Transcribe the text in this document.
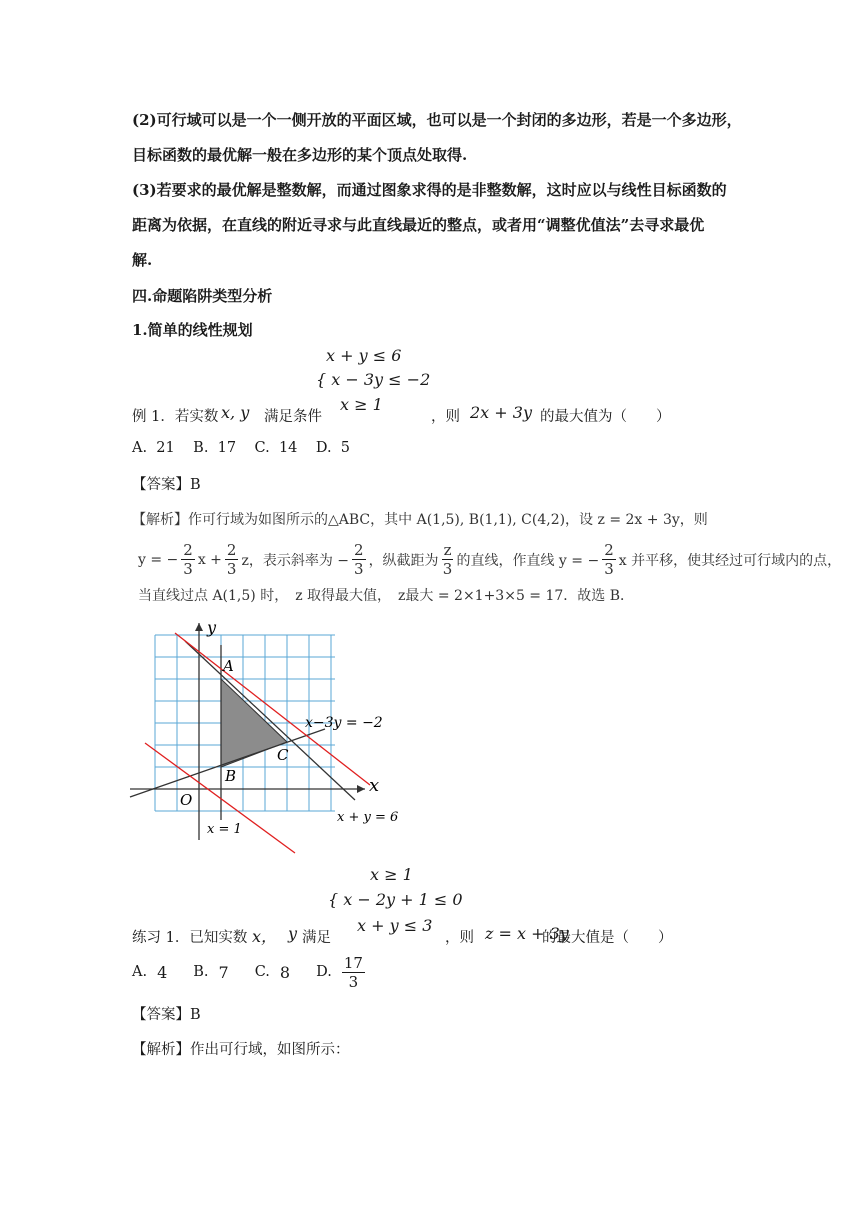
(2)可行域可以是一个一侧开放的平面区域，也可以是一个封闭的多边形，若是一个多边形，
目标函数的最优解一般在多边形的某个顶点处取得.
(3)若要求的最优解是整数解，而通过图象求得的是非整数解，这时应以与线性目标函数的
距离为依据，在直线的附近寻求与此直线最近的整点，或者用“调整优值法”去寻求最优
解.
四.命题陷阱类型分析
1.简单的线性规划
x + y ≤ 6
{ x − 3y ≤ −2
x ≥ 1
例 1．若实数 x, y 满足条件	，则 2x + 3y 的最大值为（　　）
A.  21    B.  17    C.  14    D.  5
【答案】B
【解析】作可行域为如图所示的△ABC，其中 A(1,5), B(1,1), C(4,2)，设 z = 2x + 3y，则
y = − $\frac{2}{3}$ $x + \frac{2}{3}$ z，表示斜率为 − $\frac{2}{3}$ ，纵截距为 $\frac{z}{3}$ 的直线，作直线 y = − $\frac{2}{3}$ x 并平移，使其经过可行域内的点，
当直线过点 A(1,5) 时，　z 取得最大值，　z最大 = 2×1+3×5 = 17．故选 B．
y
x
A
B
C
O
x−3y = −2
x + y = 6
x = 1
x ≥ 1
{ x − 2y + 1 ≤ 0
x + y ≤ 3
练习 1．已知实数 x， y 满足	，则 z = x + 3y
的最大值是（　　）
A. 4 B. 7 C. 8 D. $\frac{17}{3}$
【答案】B
【解析】作出可行域，如图所示：
